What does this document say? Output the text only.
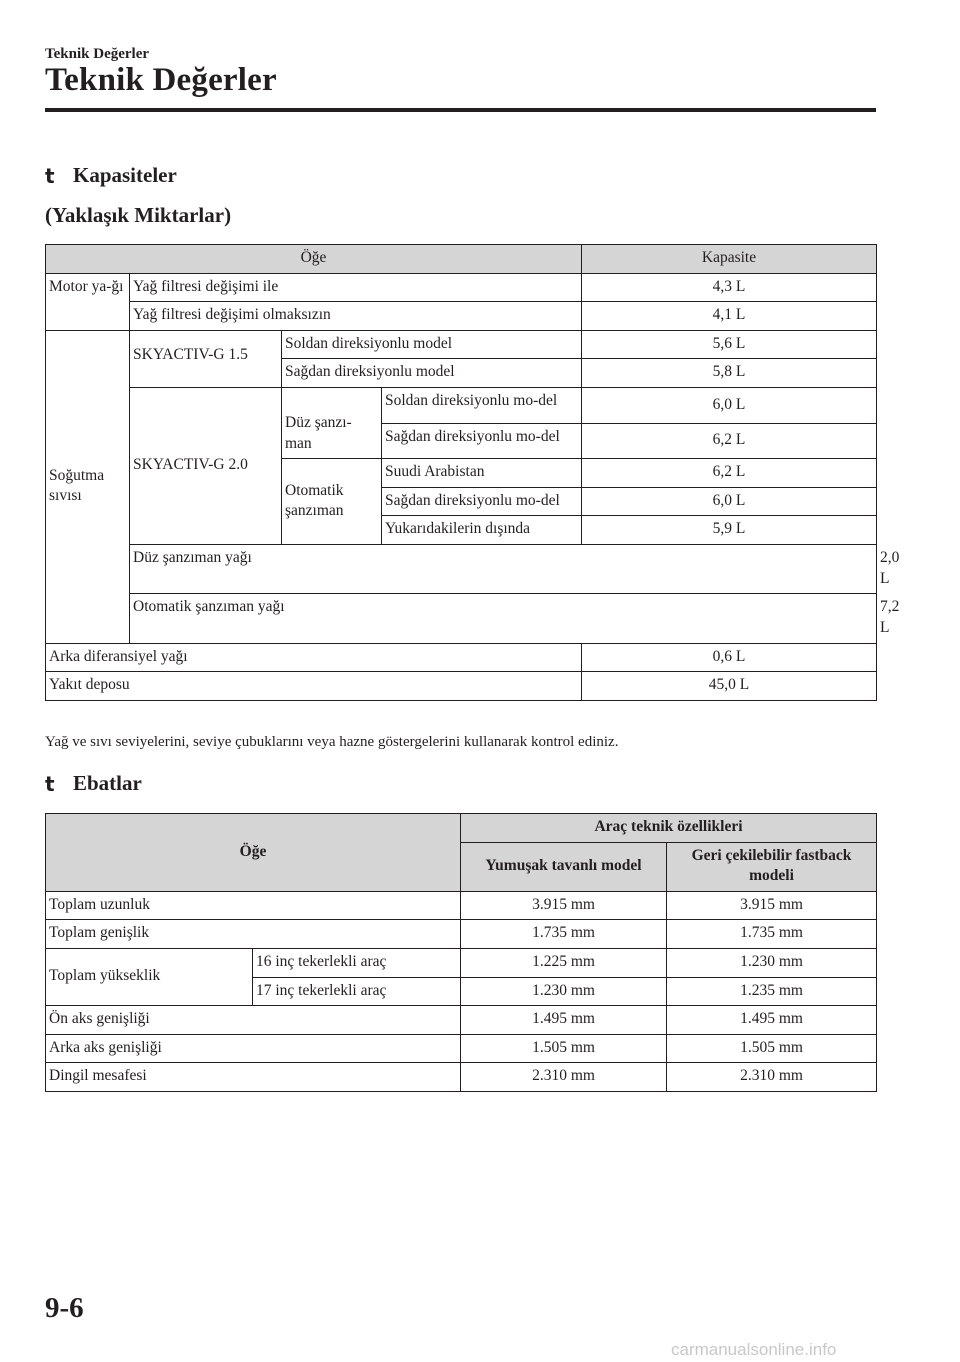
Teknik Değerler
Teknik Değerler
t Kapasiteler
(Yaklaşık Miktarlar)
Öğe				Kapasite	
Motor ya-ğı	Yağ filtresi değişimi ile			4,3 L	
	Yağ filtresi değişimi olmaksızın			4,1 L	
Soğutma sıvısı	SKYACTIV-G 1.5	Soldan direksiyonlu model		5,6 L	
		Sağdan direksiyonlu model		5,8 L	
	SKYACTIV-G 2.0	Düz şanzı-man	Soldan direksiyonlu mo-del	6,0 L	
			Sağdan direksiyonlu mo-del	6,2 L	
		Otomatik şanzıman	Suudi Arabistan	6,2 L	
			Sağdan direksiyonlu mo-del	6,0 L	
			Yukarıdakilerin dışında	5,9 L	
	Düz şanzıman yağı				2,0 L
	Otomatik şanzıman yağı				7,2 L
Arka diferansiyel yağı				0,6 L	
Yakıt deposu				45,0 L	
Yağ ve sıvı seviyelerini, seviye çubuklarını veya hazne göstergelerini kullanarak kontrol ediniz.
t Ebatlar
Öğe		Araç teknik özellikleri	
		Yumuşak tavanlı model	Geri çekilebilir fastback modeli
Toplam uzunluk		3.915 mm	3.915 mm
Toplam genişlik		1.735 mm	1.735 mm
Toplam yükseklik	16 inç tekerlekli araç	1.225 mm	1.230 mm
	17 inç tekerlekli araç	1.230 mm	1.235 mm
Ön aks genişliği		1.495 mm	1.495 mm
Arka aks genişliği		1.505 mm	1.505 mm
Dingil mesafesi		2.310 mm	2.310 mm
9-6
carmanualsonline.info
